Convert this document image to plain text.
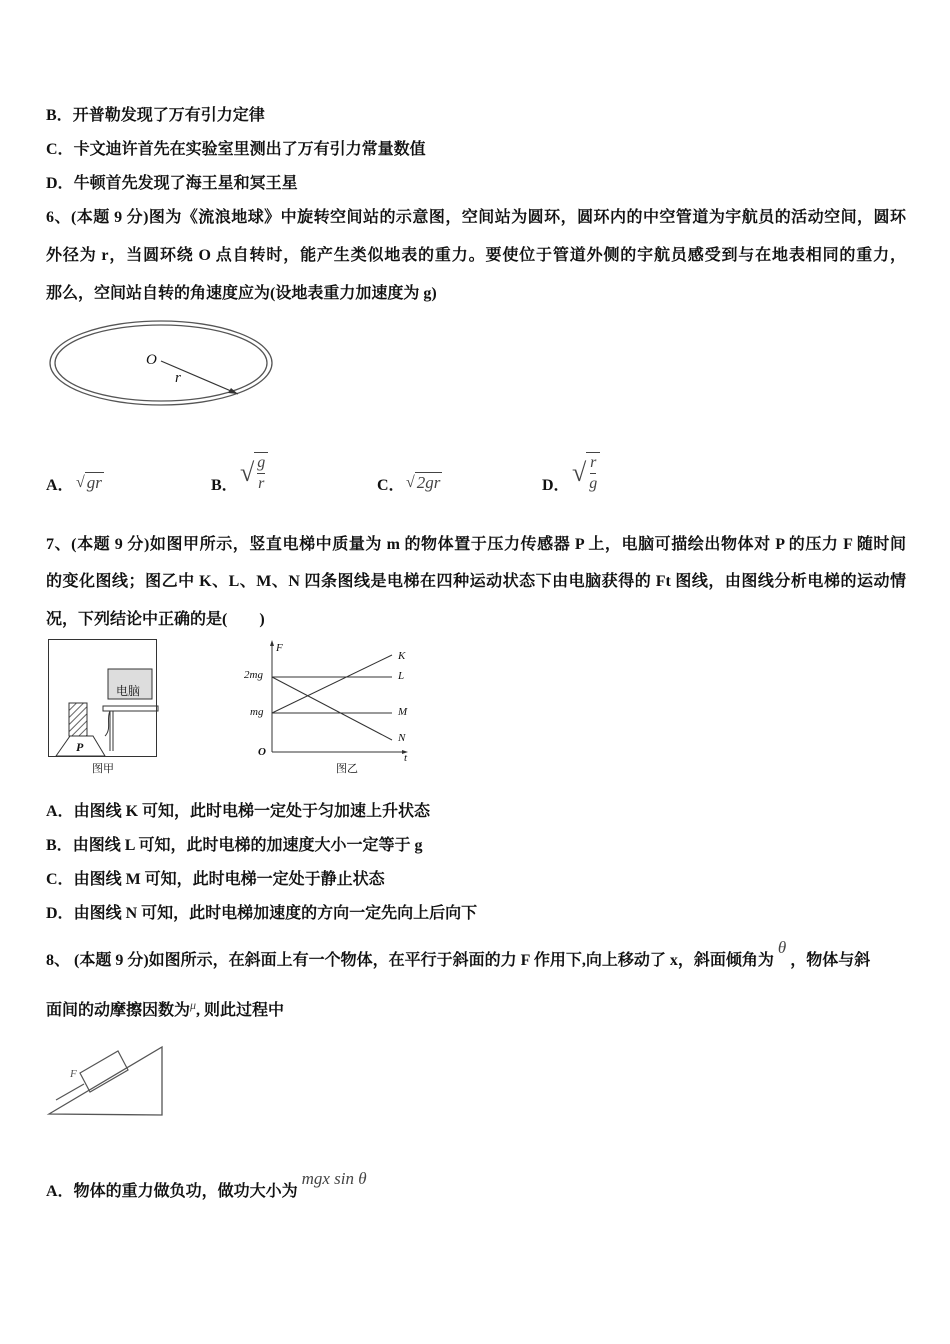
B．开普勒发现了万有引力定律
C．卡文迪许首先在实验室里测出了万有引力常量数值
D．牛顿首先发现了海王星和冥王星
6、(本题 9 分)图为《流浪地球》中旋转空间站的示意图，空间站为圆环，圆环内的中空管道为宇航员的活动空间，圆环
外径为 r，当圆环绕 O 点自转时，能产生类似地表的重力。要使位于管道外侧的宇航员感受到与在地表相同的重力，
那么，空间站自转的角速度应为(设地表重力加速度为 g)
O
r
A． √ gr	B． √ $\frac{g}{r}$	C． √ 2gr	D． √ $\frac{r}{g}$
7、(本题 9 分)如图甲所示，竖直电梯中质量为 m 的物体置于压力传感器 P 上，电脑可描绘出物体对 P 的压力 F 随时间
的变化图线；图乙中 K、L、M、N 四条图线是电梯在四种运动状态下由电脑获得的 Ft 图线，由图线分析电梯的运动情
况，下列结论中正确的是(　　)
电脑
P
图甲
F
2mg
mg
O
K
L
M
N
t
图乙
A．由图线 K 可知，此时电梯一定处于匀加速上升状态
B．由图线 L 可知，此时电梯的加速度大小一定等于 g
C．由图线 M 可知，此时电梯一定处于静止状态
D．由图线 N 可知，此时电梯加速度的方向一定先向上后向下
8、 (本题 9 分)如图所示，在斜面上有一个物体，在平行于斜面的力 F 作用下,向上移动了 x，斜面倾角为θ，物体与斜
面间的动摩擦因数为$^\mu$, 则此过程中
F
A．物体的重力做负功，做功大小为mgx sin θ
